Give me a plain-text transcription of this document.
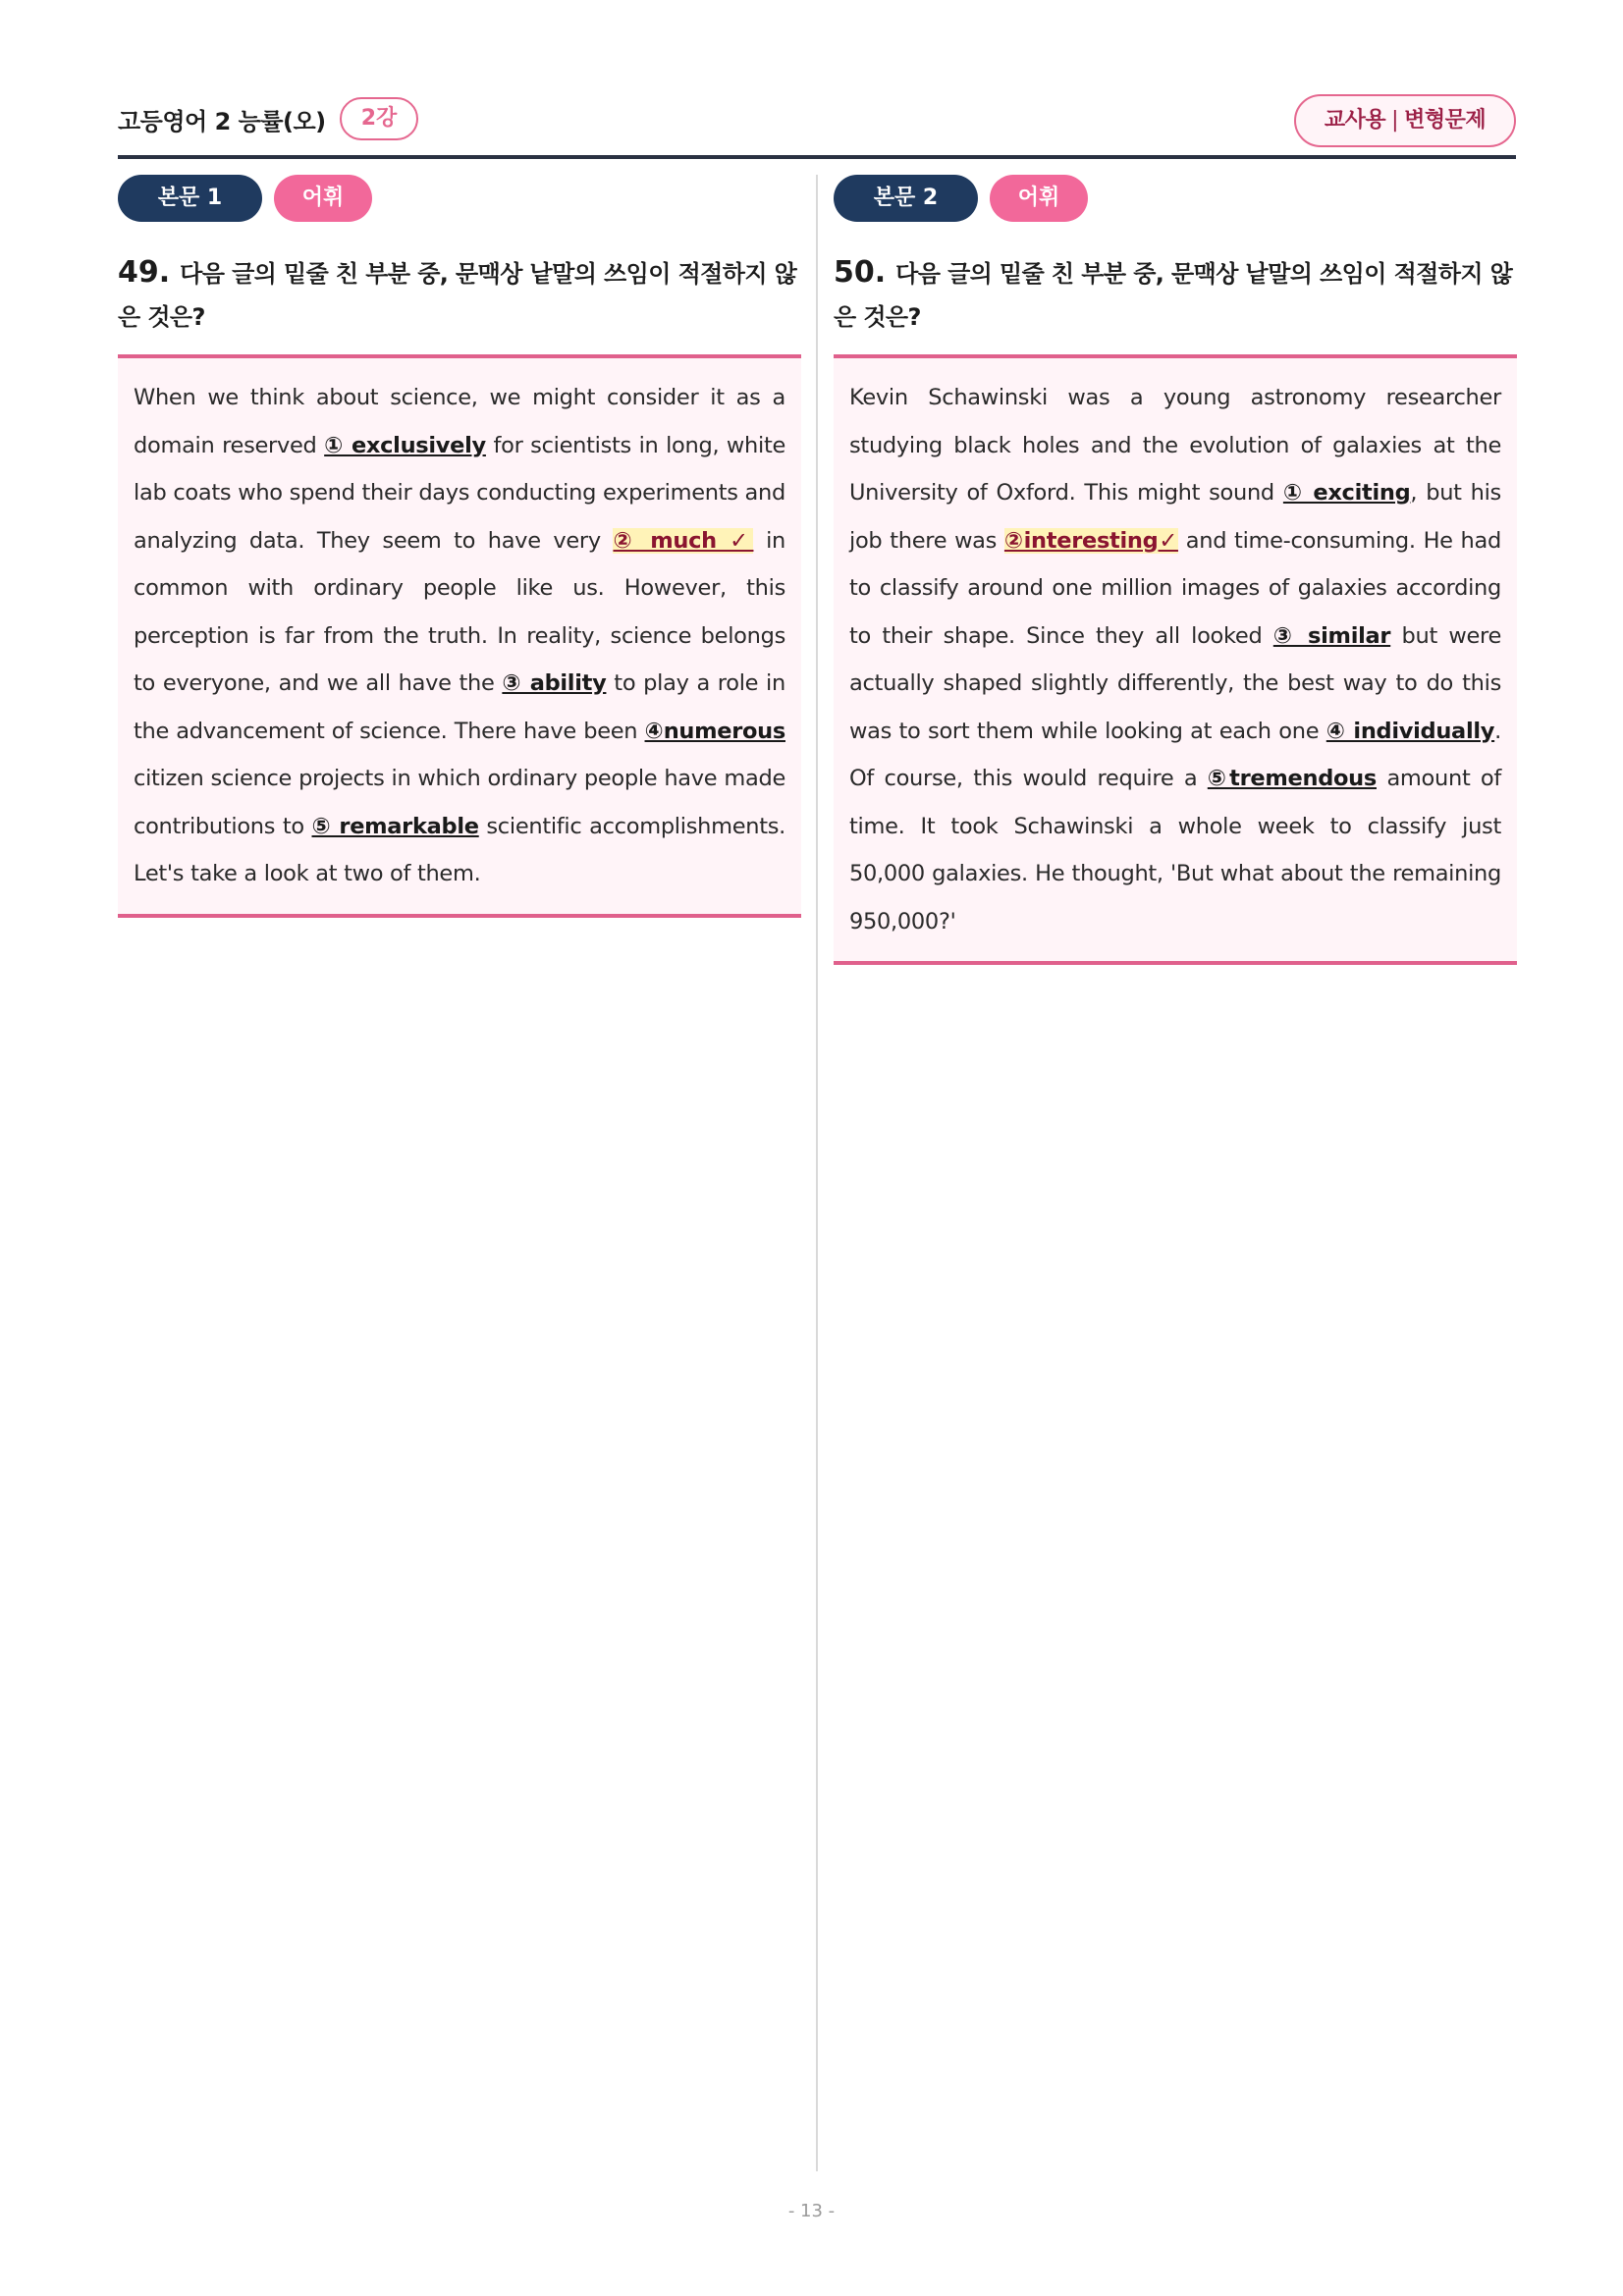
고등영어 2 능률(오)	2강	교사용 | 변형문제
본문 1	어휘
49. 다음 글의 밑줄 친 부분 중, 문맥상 낱말의 쓰임이 적절하지 않은 것은?

When we think about science, we might consider it as a domain reserved ① exclusively for scientists in long, white lab coats who spend their days conducting experiments and analyzing data. They seem to have very ② much ✓ in common with ordinary people like us. However, this perception is far from the truth. In reality, science belongs to everyone, and we all have the ③ ability to play a role in the advancement of science. There have been ④numerous citizen science projects in which ordinary people have made contributions to ⑤ remarkable scientific accomplishments. Let's take a look at two of them.

본문 2	어휘
50. 다음 글의 밑줄 친 부분 중, 문맥상 낱말의 쓰임이 적절하지 않은 것은?

Kevin Schawinski was a young astronomy researcher studying black holes and the evolution of galaxies at the University of Oxford. This might sound ① exciting, but his job there was ②interesting✓ and time-consuming. He had to classify around one million images of galaxies according to their shape. Since they all looked ③ similar but were actually shaped slightly differently, the best way to do this was to sort them while looking at each one ④ individually. Of course, this would require a ⑤tremendous amount of time. It took Schawinski a whole week to classify just 50,000 galaxies. He thought, 'But what about the remaining 950,000?'

- 13 -
